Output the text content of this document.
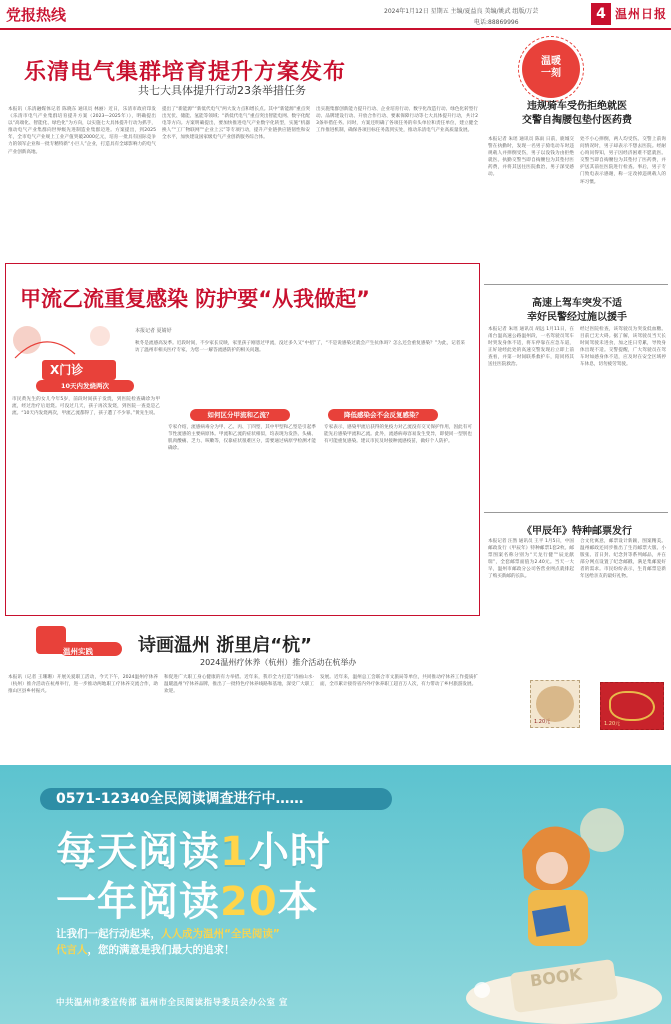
党报热线	2024年1月12日 星期五 主编/夏益良 美编/姚武 组版/万芸
电话:88869996
4 温州日报
乐清电气集群培育提升方案发布
共七大具体提升行动23条举措任务
本报讯（乐清融媒体记者 陈晓东 通讯员 林丽）近日，乐清市政府印发《乐清市电气产业集群培育提升方案（2023—2025年）》，明确提出以“高端化、智能化、绿色化”为方向，以实施七大具体提升行动为抓手，推动电气产业集群向世界级先进制造业集群迈进。方案提出，到2025年，全市电气产业规上工业产值突破2000亿元，培育一批具有国际竞争力的领军企业和一批专精特新“小巨人”企业，打造具有全球影响力的电气产业创新高地。
提出了“新能源”“新低代电气”两大发力点和增长点。其中“新能源”重点突出光伏、储能、氢能等领域；“新低代电气”重点突出智能电网、数字化配电等方向。方案明确提出，要加快推进电气产业数字化转型，实施“机器换人”“工厂物联网”“企业上云”等专项行动，提升产业链供应链韧性和安全水平，加快建设国家级电气产业创新服务综合体。
出实施集群创新能力提升行动、企业培育行动、数字化改造行动、绿色化转型行动、品牌建设行动、开放合作行动、要素保障行动等七大具体提升行动，共计23条举措任务。同时，方案还明确了各项任务的牵头单位和责任单位，建立健全工作推进机制，确保各项目标任务落到实处，推动乐清电气产业高质量发展。
温暖
一刻
违规骑车受伤拒绝就医
交警自掏腰包垫付医药费
本报记者 朱瑶 通讯员 陈雨 日前，鹿城交警在执勤时，发现一名男子骑电动车时违规载人并摔倒受伤，男子以没钱为由拒绝就医。执勤交警当即自掏腰包为其垫付医药费，并将其送往医院救治，男子深受感动。
处不小心摔倒，两人均受伤。交警上前询问情况时，男子却表示不想去医院。经耐心询问得知，男子因经济困难不愿就医。交警当即自掏腰包为其垫付了医药费，并护送其前往医院进行检查。事后，男子专门致电表示感谢，称一定改掉违规载人的坏习惯。
高速上驾车突发不适
幸好民警经过施以援手
本报记者 朱瑶 通讯员 胡远 1月11日，在甬台温高速公路温州段，一名驾驶员驾车时突发身体不适，将车停靠在应急车道，正好途经此处的高速交警发现后立即上前查看，并第一时间联系救护车，陪同将其送往医院救治。
经过医院检查，该驾驶员为突发低血糖。目前已无大碍。据了解，该驾驶员当天长时间驾驶未进食，加之连日劳累，导致身体出现不适。交警提醒，广大驾驶员在驾车时如感身体不适，应及时在安全区域停车休息，切勿疲劳驾驶。
《甲辰年》特种邮票发行
本报记者 汪然 通讯员 王平 1月5日，中国邮政发行《甲辰年》特种邮票1套2枚。邮票图案名称分别为“天龙行健”“辰龙献瑞”，全套邮票面值为2.40元。当天一大早，温州市邮政分公司各营业网点就排起了购买新邮的长队。
合文化寓意，邮票设计新颖，图案精美。温州邮政还同步推出了生肖邮票大版、小版张、首日封、纪念封等系列邮品，并在部分网点设置了纪念邮戳，满足集邮爱好者的需求。市民纷纷表示，生肖邮票是新年送给亲友的最好礼物。
1.20元	1.20元
甲流乙流重复感染 防护要“从我做起”
X门诊
本报记者 夏婧妤
秋冬是流感高发季。近段时间，不少家长反映，家里孩子刚患过甲流，没过多久又“中招”了，“不是说感染过就会产生抗体吗？怎么还会重复感染？”为此，记者采访了温州市相关医疗专家，为您一一解答流感防护的相关问题。
10天内发烧两次
如何区分甲流和乙流？	降低感染会不会反复感染？
市民黄先生的女儿今年5岁，前段时间孩子发烧，到医院检查确诊为甲流，经过治疗后退烧。可没过几天，孩子再次发烧，到医院一查竟是乙流。“10天内发烧两次，甲流乙流都得了，孩子遭了不少罪。”黄先生说。
专家介绍，流感病毒分为甲、乙、丙、丁四型，其中甲型和乙型是引起季节性流感的主要病原体。甲流和乙流的症状相似，均表现为发热、头痛、肌肉酸痛、乏力、咳嗽等，仅靠症状很难区分，需要通过病原学检测才能确诊。
专家表示，感染甲流后获得的免疫力对乙流没有交叉保护作用，因此有可能先后感染甲流和乙流。此外，流感病毒容易发生变异，即使同一型别也有可能重复感染。建议市民及时接种流感疫苗，做好个人防护。
温州实践	诗画温州 浙里启“杭”
2024温州疗休养（杭州）推介活动在杭举办
本报讯（记者 王珊珊）开展关爱职工活动，今天下午，2024温州疗休养（杭州）推介活动在杭州举行，进一步推动两地职工疗休养交流合作，助推山区县乡村振兴。
和促进广大职工身心健康的有力举措。近年来，我市全力打造“诗画山水·温暖温州”疗休养品牌，推出了一批特色疗休养线路和基地，深受广大职工欢迎。
发展。近年来，温州总工会联合市文旅局等单位，共同推动疗休养工作提质扩面，全市累计接待省内外疗休养职工超百万人次，有力带动了乡村旅游发展。
0571-12340全民阅读调查进行中……
每天阅读1小时
一年阅读20本
让我们一起行动起来，人人成为温州“全民阅读”
代言人，您的满意是我们最大的追求！
中共温州市委宣传部 温州市全民阅读指导委员会办公室 宣
BOOK
